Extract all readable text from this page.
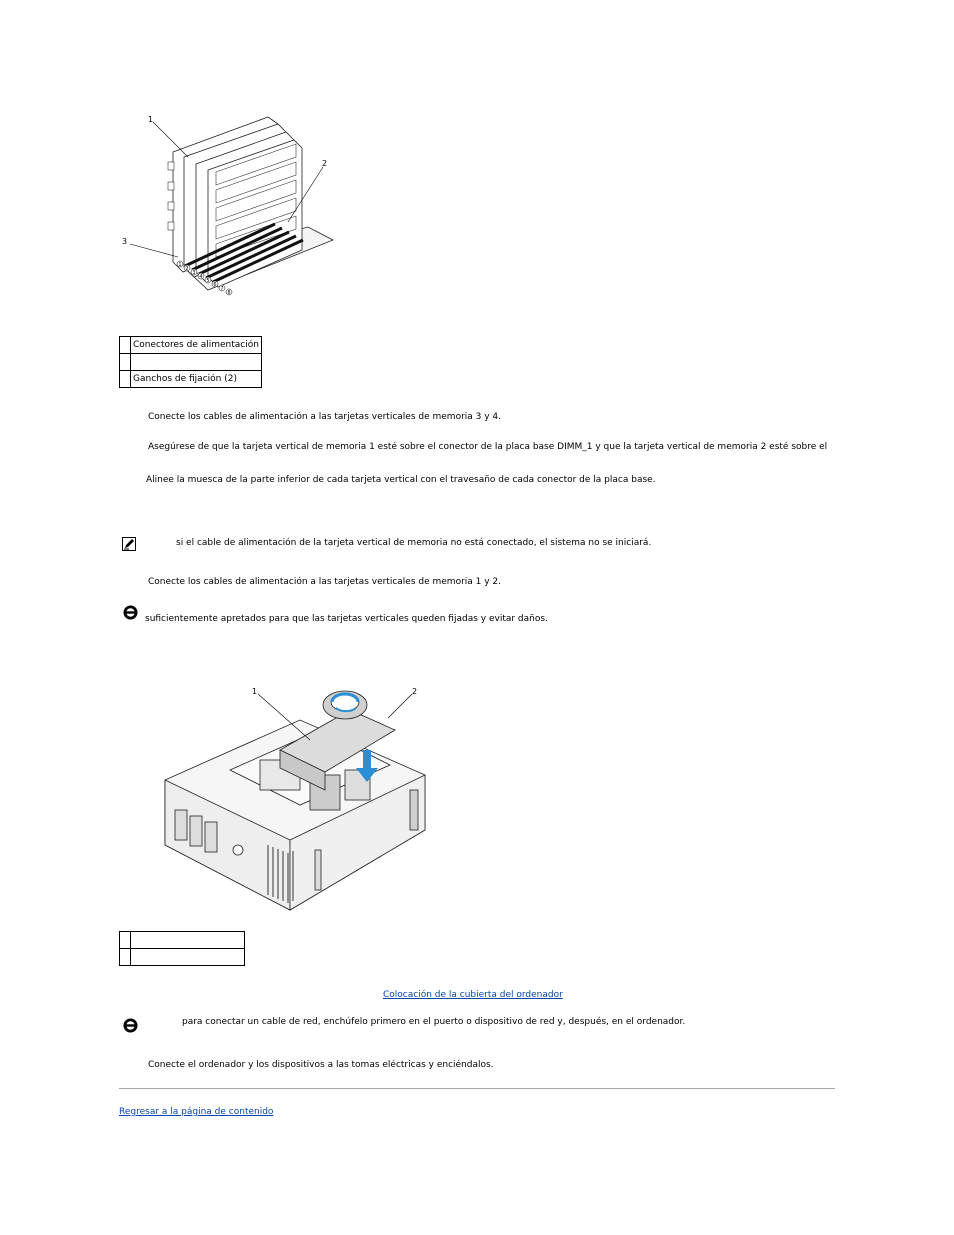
1
2
3
4
5
6
7
8
1
2
3
	Conectores de alimentación

	Ganchos de fijación (2)
Conecte los cables de alimentación a las tarjetas verticales de memoria 3 y 4.
Asegúrese de que la tarjeta vertical de memoria 1 esté sobre el conector de la placa base DIMM_1 y que la tarjeta vertical de memoria 2 esté sobre el
Alinee la muesca de la parte inferior de cada tarjeta vertical con el travesaño de cada conector de la placa base.
si el cable de alimentación de la tarjeta vertical de memoria no está conectado, el sistema no se iniciará.
Conecte los cables de alimentación a las tarjetas verticales de memoria 1 y 2.
suficientemente apretados para que las tarjetas verticales queden fijadas y evitar daños.
1	2

Colocación de la cubierta del ordenador
para conectar un cable de red, enchúfelo primero en el puerto o dispositivo de red y, después, en el ordenador.
Conecte el ordenador y los dispositivos a las tomas eléctricas y enciéndalos.
Regresar a la página de contenido
